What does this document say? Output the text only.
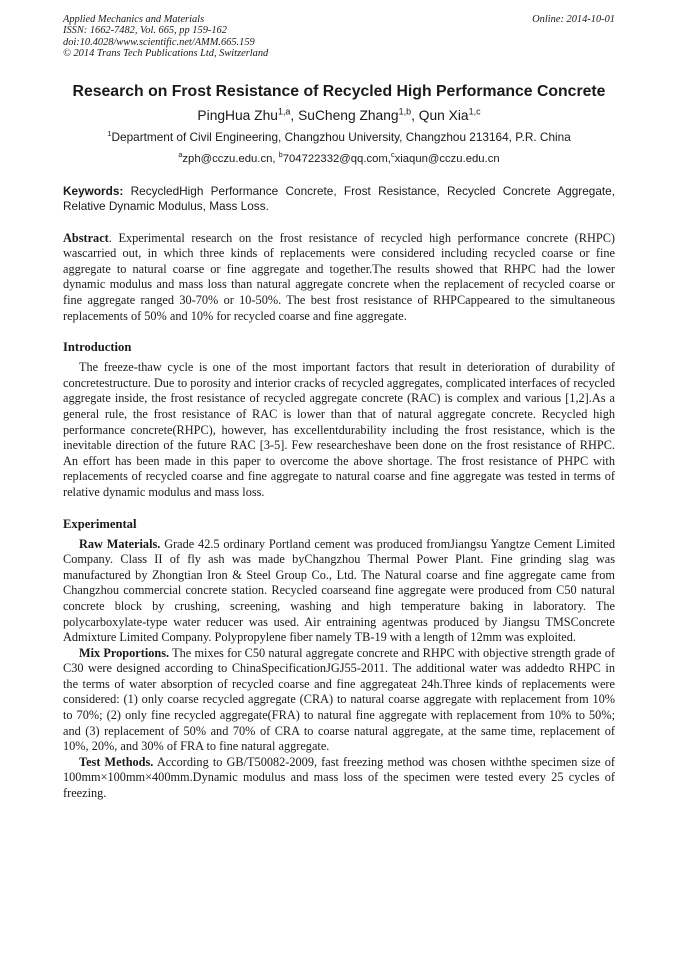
Applied Mechanics and Materials
ISSN: 1662-7482, Vol. 665, pp 159-162
doi:10.4028/www.scientific.net/AMM.665.159
© 2014 Trans Tech Publications Ltd, Switzerland
Online: 2014-10-01
Research on Frost Resistance of Recycled High Performance Concrete
PingHua Zhu$^{1,a}$, SuCheng Zhang$^{1,b}$, Qun Xia$^{1,c}$
$^1$Department of Civil Engineering, Changzhou University, Changzhou 213164, P.R. China
$^a$zph@cczu.edu.cn, $^b$704722332@qq.com,$^c$xiaqun@cczu.edu.cn
Keywords: RecycledHigh Performance Concrete, Frost Resistance, Recycled Concrete Aggregate, Relative Dynamic Modulus, Mass Loss.
Abstract. Experimental research on the frost resistance of recycled high performance concrete (RHPC) wascarried out, in which three kinds of replacements were considered including recycled coarse or fine aggregate to natural coarse or fine aggregate and together.The results showed that RHPC had the lower dynamic modulus and mass loss than natural aggregate concrete when the replacement of recycled coarse or fine aggregate ranged 30-70% or 10-50%. The best frost resistance of RHPCappeared to the simultaneous replacements of 50% and 10% for recycled coarse and fine aggregate.
Introduction

The freeze-thaw cycle is one of the most important factors that result in deterioration of durability of concretestructure. Due to porosity and interior cracks of recycled aggregates, complicated interfaces of recycled aggregate inside, the frost resistance of recycled aggregate concrete (RAC) is complex and various [1,2].As a general rule, the frost resistance of RAC is lower than that of natural aggregate concrete. Recycled high performance concrete(RHPC), however, has excellentdurability including the frost resistance, which is the inevitable direction of the future RAC [3-5]. Few researcheshave been done on the frost resistance of RHPC. An effort has been made in this paper to overcome the above shortage. The frost resistance of PHPC with replacements of recycled coarse and fine aggregate to natural coarse and fine aggregate was tested in terms of relative dynamic modulus and mass loss.

Experimental

Raw Materials. Grade 42.5 ordinary Portland cement was produced fromJiangsu Yangtze Cement Limited Company. Class II of fly ash was made byChangzhou Thermal Power Plant. Fine grinding slag was manufactured by Zhongtian Iron & Steel Group Co., Ltd. The Natural coarse and fine aggregate came from Changzhou commercial concrete station. Recycled coarseand fine aggregate were produced from C50 natural concrete block by crushing, screening, washing and high temperature baking in laboratory. The polycarboxylate-type water reducer was used. Air entraining agentwas produced by Jiangsu TMSConcrete Admixture Limited Company. Polypropylene fiber namely TB-19 with a length of 12mm was exploited.

Mix Proportions. The mixes for C50 natural aggregate concrete and RHPC with objective strength grade of C30 were designed according to ChinaSpecificationJGJ55-2011. The additional water was addedto RHPC in the terms of water absorption of recycled coarse and fine aggregateat 24h.Three kinds of replacements were considered: (1) only coarse recycled aggregate (CRA) to natural coarse aggregate with replacement from 10% to 70%; (2) only fine recycled aggregate(FRA) to natural fine aggregate with replacement from 10% to 50%; and (3) replacement of 50% and 70% of CRA to coarse natural aggregate, at the same time, replacement of 10%, 20%, and 30% of FRA to fine natural aggregate.

Test Methods. According to GB/T50082-2009, fast freezing method was chosen withthe specimen size of 100mm×100mm×400mm.Dynamic modulus and mass loss of the specimen were tested every 25 cycles of freezing.
